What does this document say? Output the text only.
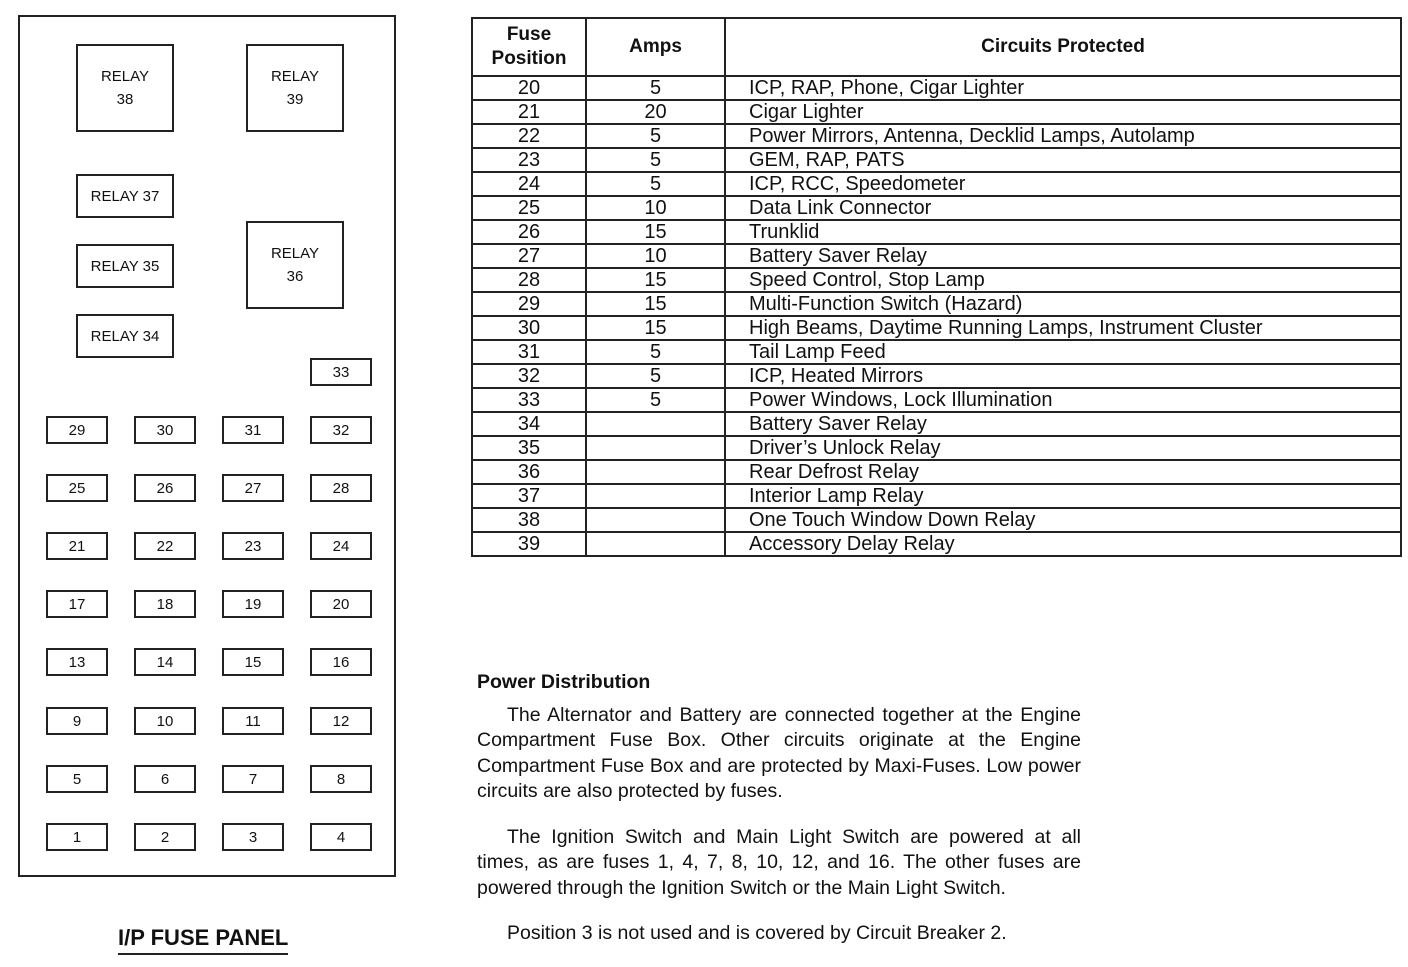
RELAY
38
RELAY
39
RELAY 37
RELAY 35
RELAY
36
RELAY 34
33
29	30	31	32
25	26	27	28
21	22	23	24
17	18	19	20
13	14	15	16
9	10	11	12
5	6	7	8
1	2	3	4
I/P FUSE PANEL
Fuse
Position	Amps	Circuits Protected
20	5	ICP, RAP, Phone, Cigar Lighter
21	20	Cigar Lighter
22	5	Power Mirrors, Antenna, Decklid Lamps, Autolamp
23	5	GEM, RAP, PATS
24	5	ICP, RCC, Speedometer
25	10	Data Link Connector
26	15	Trunklid
27	10	Battery Saver Relay
28	15	Speed Control, Stop Lamp
29	15	Multi-Function Switch (Hazard)
30	15	High Beams, Daytime Running Lamps, Instrument Cluster
31	5	Tail Lamp Feed
32	5	ICP, Heated Mirrors
33	5	Power Windows, Lock Illumination
34		Battery Saver Relay
35		Driver’s Unlock Relay
36		Rear Defrost Relay
37		Interior Lamp Relay
38		One Touch Window Down Relay
39		Accessory Delay Relay
Power Distribution

The Alternator and Battery are connected together at the Engine Compartment Fuse Box. Other circuits originate at the Engine Compartment Fuse Box and are protected by Maxi-Fuses. Low power circuits are also protected by fuses.

The Ignition Switch and Main Light Switch are powered at all times, as are fuses 1, 4, 7, 8, 10, 12, and 16. The other fuses are powered through the Ignition Switch or the Main Light Switch.

Position 3 is not used and is covered by Circuit Breaker 2.
